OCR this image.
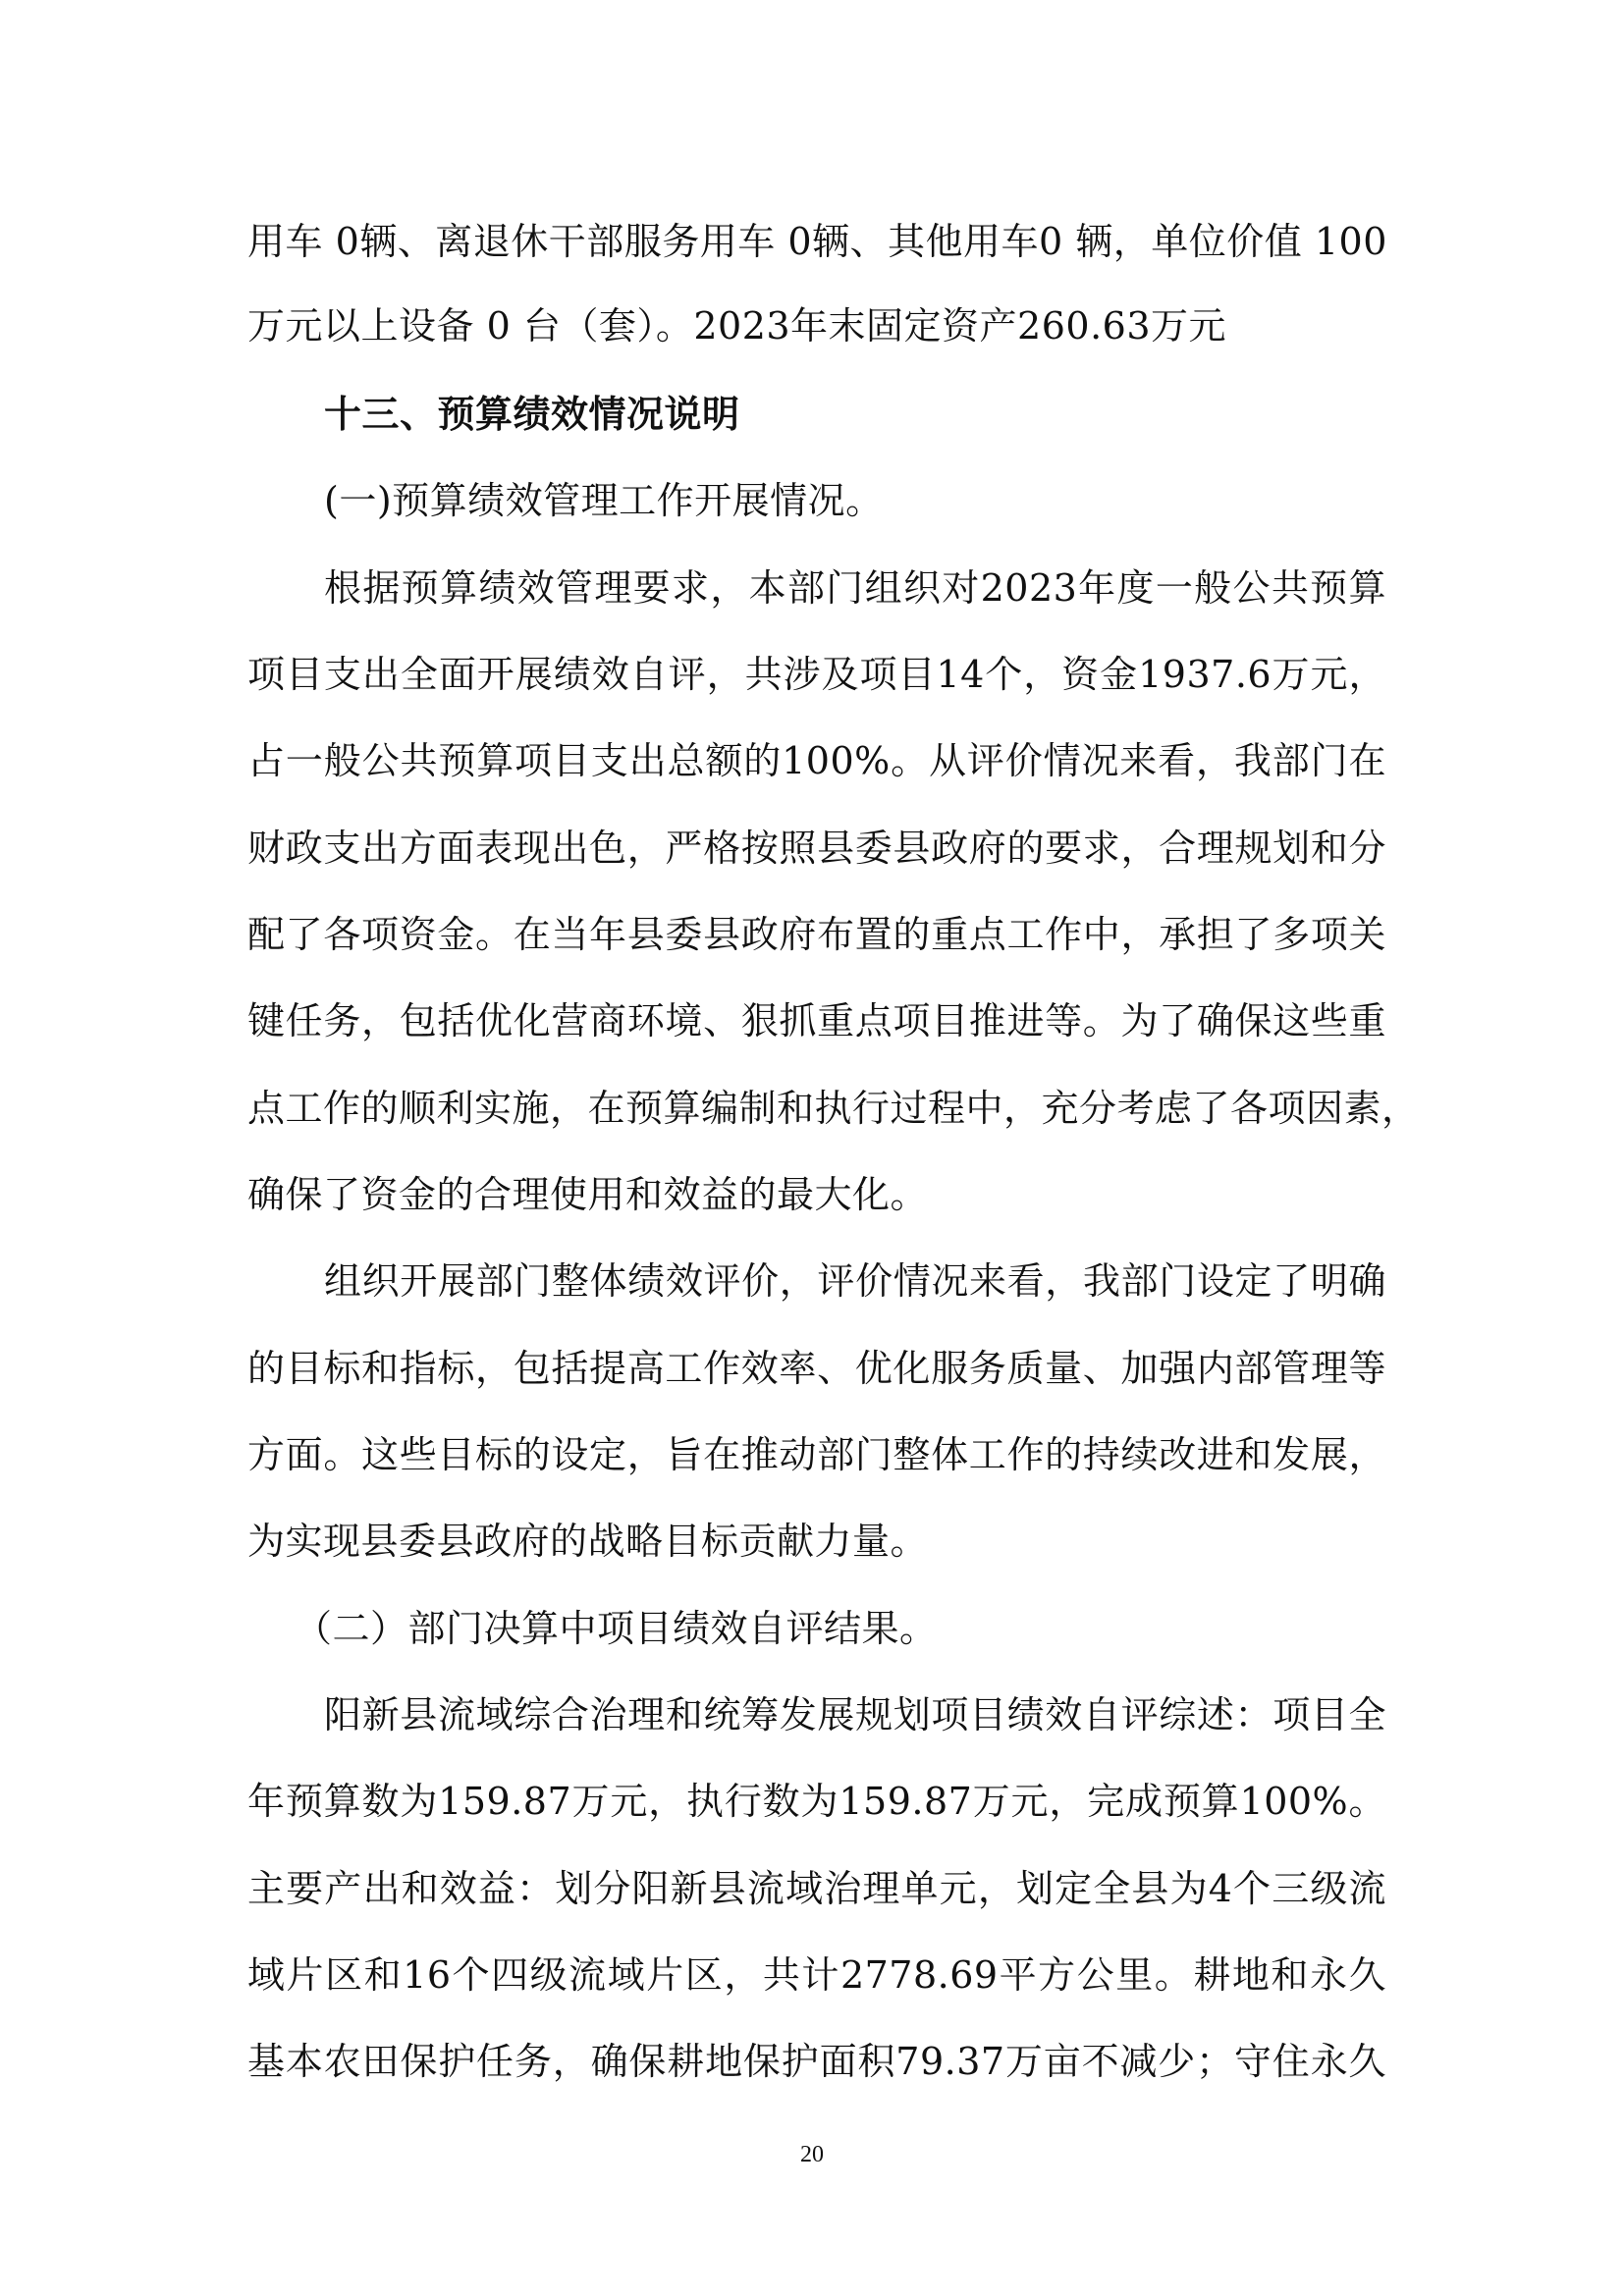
用车 0辆、离退休干部服务用车 0辆、其他用车0 辆，单位价值 100
万元以上设备 0 台（套）。2023年末固定资产260.63万元
十三、预算绩效情况说明
(一)预算绩效管理工作开展情况。
根据预算绩效管理要求，本部门组织对2023年度一般公共预算
项目支出全面开展绩效自评，共涉及项目14个，资金1937.6万元，
占一般公共预算项目支出总额的100%。从评价情况来看，我部门在
财政支出方面表现出色，严格按照县委县政府的要求，合理规划和分
配了各项资金。在当年县委县政府布置的重点工作中，承担了多项关
键任务，包括优化营商环境、狠抓重点项目推进等。为了确保这些重
点工作的顺利实施，在预算编制和执行过程中，充分考虑了各项因素，
确保了资金的合理使用和效益的最大化。
组织开展部门整体绩效评价，评价情况来看，我部门设定了明确
的目标和指标，包括提高工作效率、优化服务质量、加强内部管理等
方面。这些目标的设定，旨在推动部门整体工作的持续改进和发展，
为实现县委县政府的战略目标贡献力量。
（二）部门决算中项目绩效自评结果。
阳新县流域综合治理和统筹发展规划项目绩效自评综述：项目全
年预算数为159.87万元，执行数为159.87万元，完成预算100%。
主要产出和效益：划分阳新县流域治理单元，划定全县为4个三级流
域片区和16个四级流域片区，共计2778.69平方公里。耕地和永久
基本农田保护任务，确保耕地保护面积79.37万亩不减少；守住永久
20
